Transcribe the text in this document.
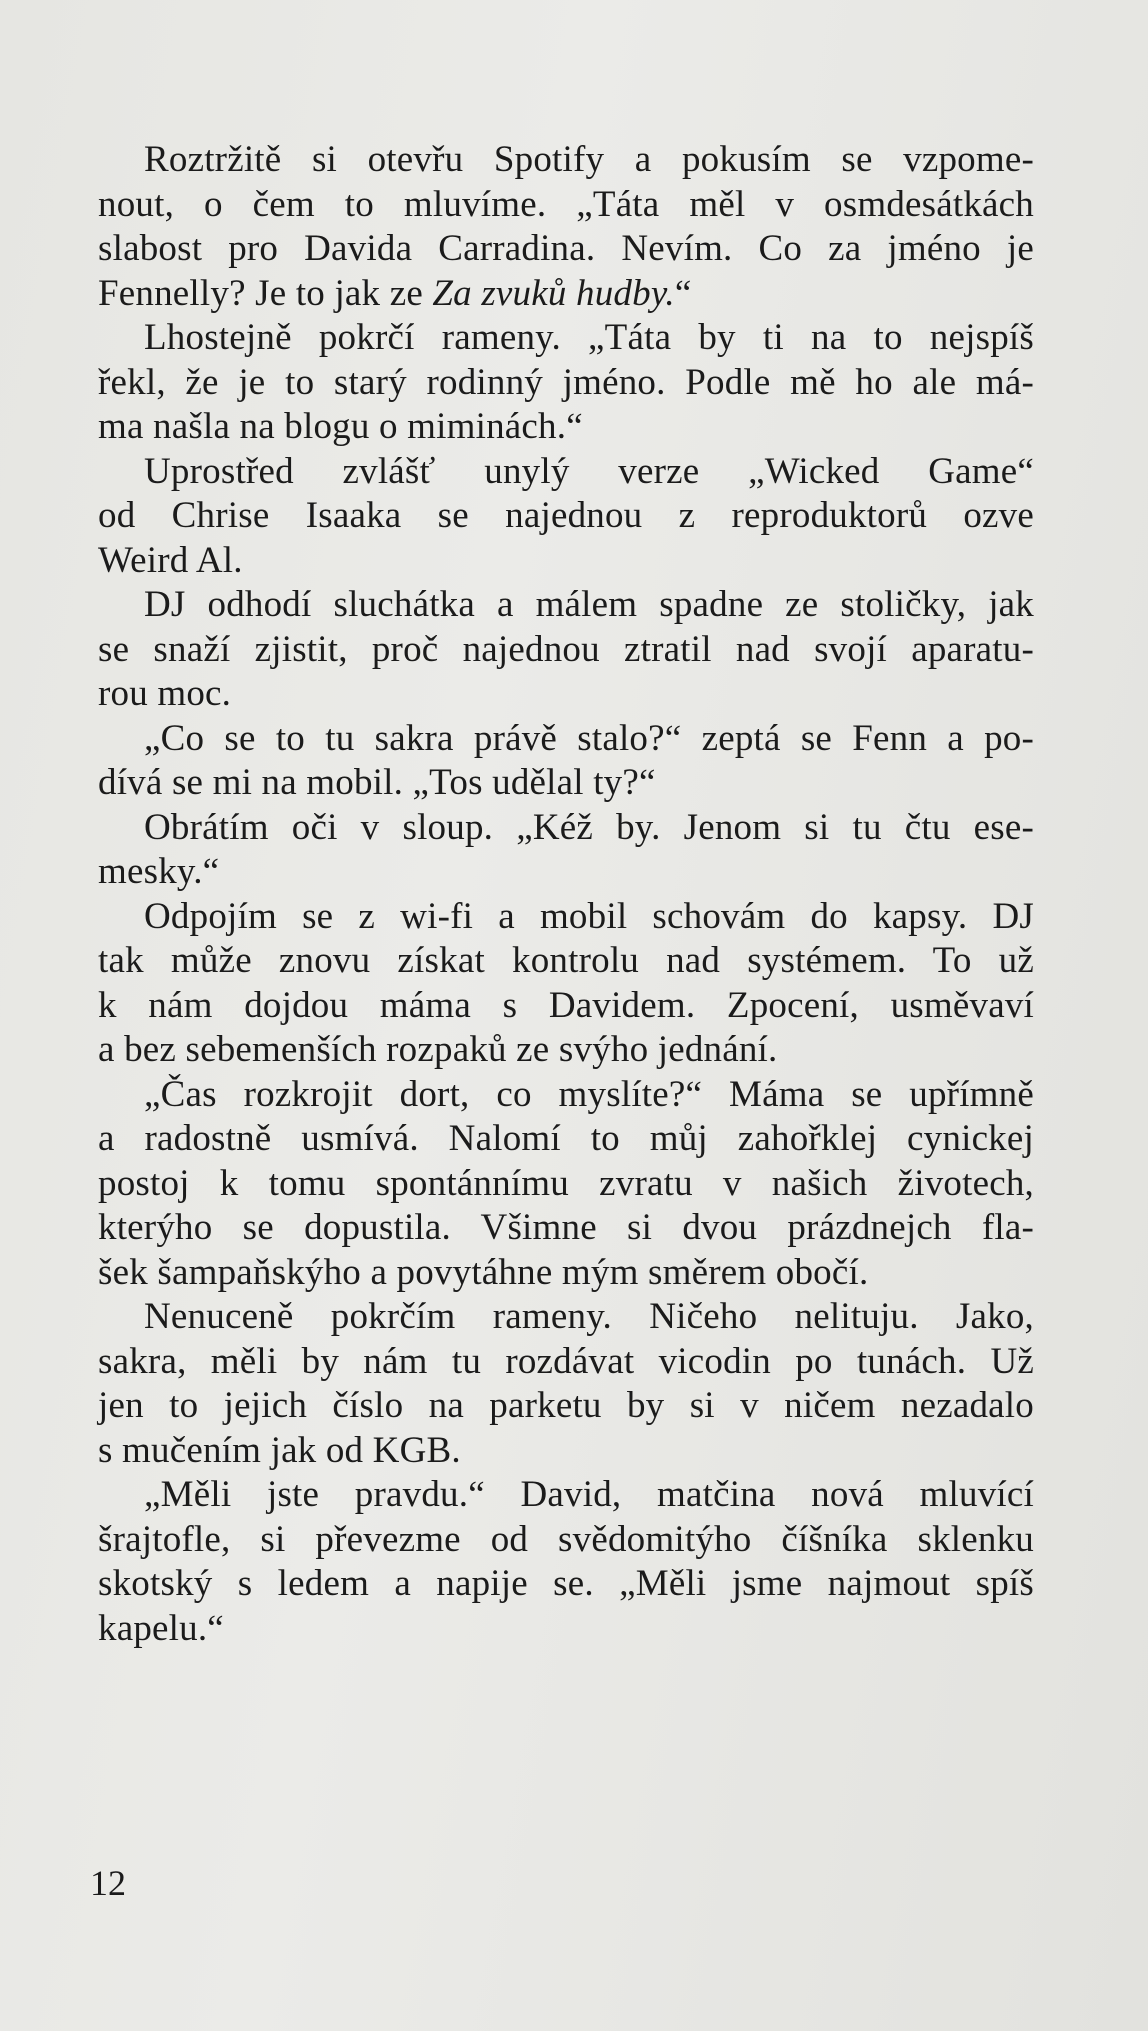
Roztržitě si otevřu Spotify a pokusím se vzpome-
nout, o čem to mluvíme. „Táta měl v osmdesátkách
slabost pro Davida Carradina. Nevím. Co za jméno je
Fennelly? Je to jak ze Za zvuků hudby.“
Lhostejně pokrčí rameny. „Táta by ti na to nejspíš
řekl, že je to starý rodinný jméno. Podle mě ho ale má-
ma našla na blogu o miminách.“
Uprostřed zvlášť unylý verze „Wicked Game“
od Chrise Isaaka se najednou z reproduktorů ozve
Weird Al.
DJ odhodí sluchátka a málem spadne ze stoličky, jak
se snaží zjistit, proč najednou ztratil nad svojí aparatu-
rou moc.
„Co se to tu sakra právě stalo?“ zeptá se Fenn a po-
dívá se mi na mobil. „Tos udělal ty?“
Obrátím oči v sloup. „Kéž by. Jenom si tu čtu ese-
mesky.“
Odpojím se z wi-fi a mobil schovám do kapsy. DJ
tak může znovu získat kontrolu nad systémem. To už
k nám dojdou máma s Davidem. Zpocení, usměvaví
a bez sebemenších rozpaků ze svýho jednání.
„Čas rozkrojit dort, co myslíte?“ Máma se upřímně
a radostně usmívá. Nalomí to můj zahořklej cynickej
postoj k tomu spontánnímu zvratu v našich životech,
kterýho se dopustila. Všimne si dvou prázdnejch fla-
šek šampaňskýho a povytáhne mým směrem obočí.
Nenuceně pokrčím rameny. Ničeho nelituju. Jako,
sakra, měli by nám tu rozdávat vicodin po tunách. Už
jen to jejich číslo na parketu by si v ničem nezadalo
s mučením jak od KGB.
„Měli jste pravdu.“ David, matčina nová mluvící
šrajtofle, si převezme od svědomitýho číšníka sklenku
skotský s ledem a napije se. „Měli jsme najmout spíš
kapelu.“
12
